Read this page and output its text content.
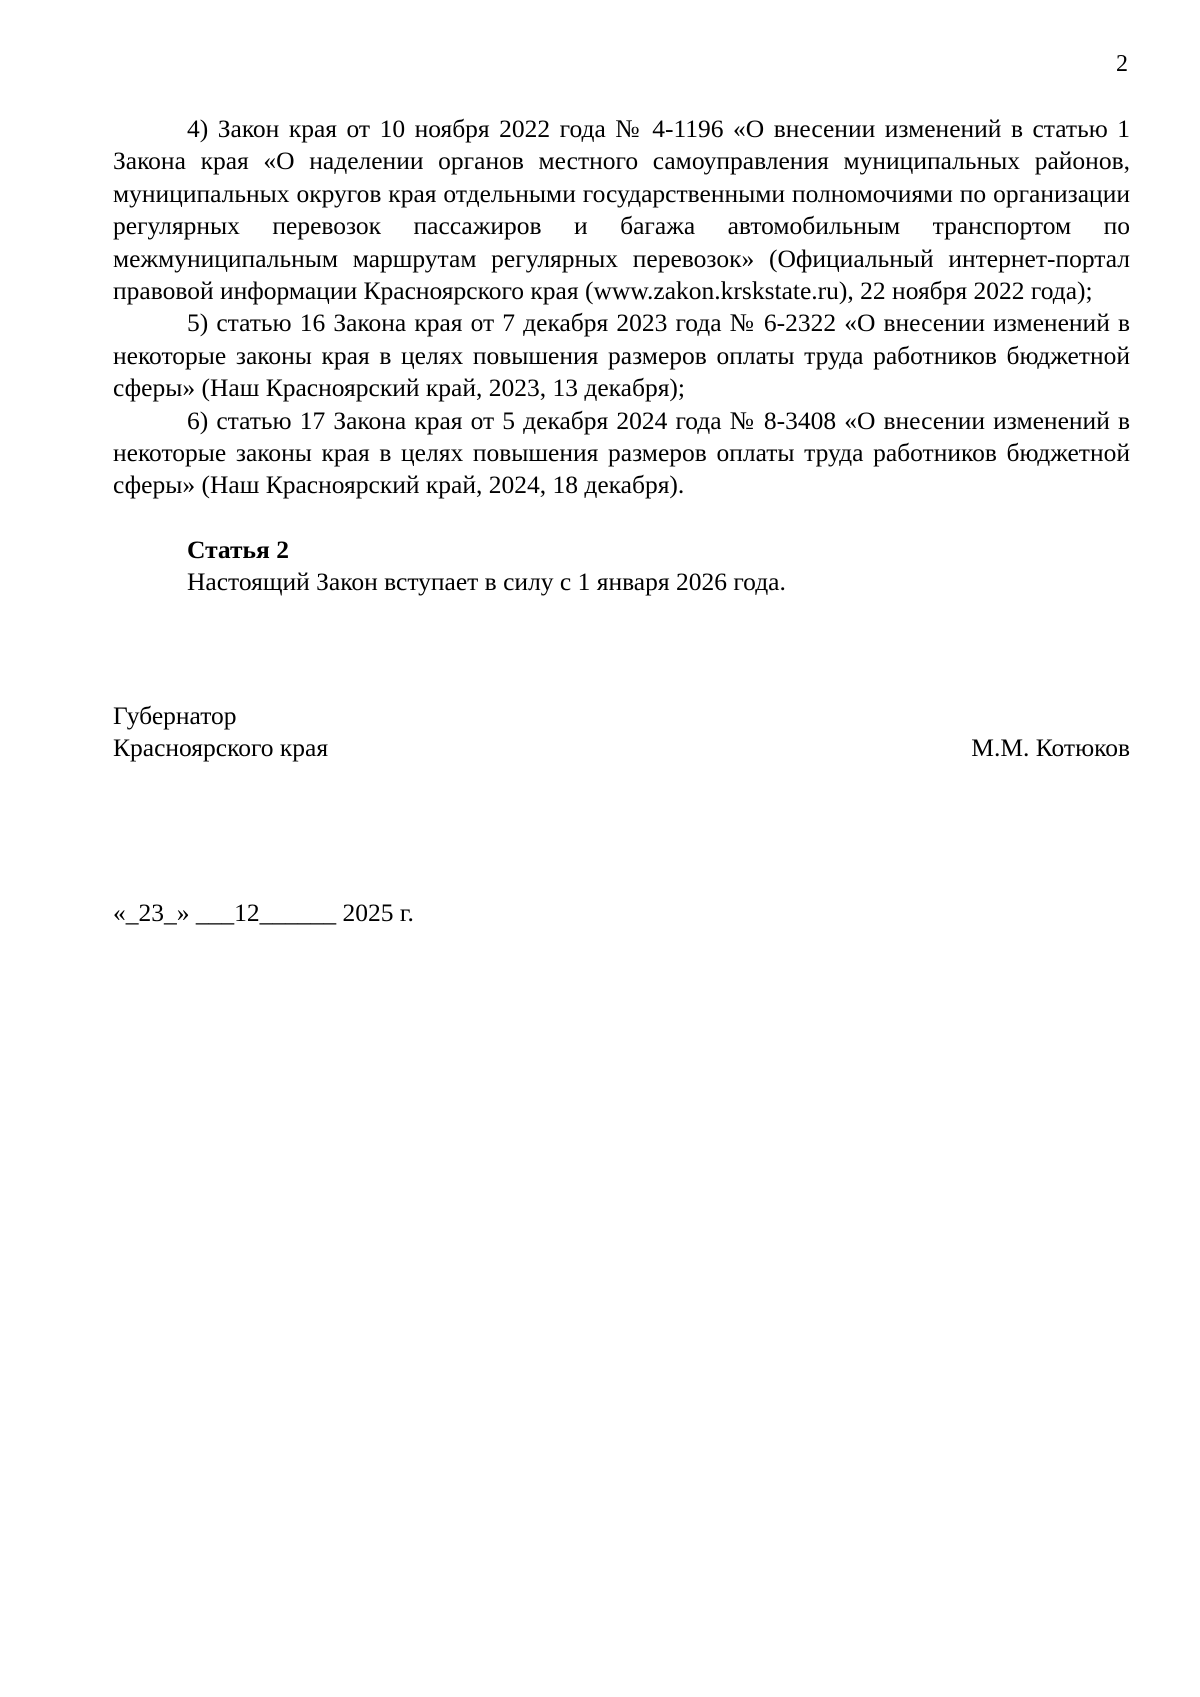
2

4) Закон края от 10 ноября 2022 года № 4-1196 «О внесении изменений в статью 1 Закона края «О наделении органов местного самоуправления муниципальных районов, муниципальных округов края отдельными государственными полномочиями по организации регулярных перевозок пассажиров и багажа автомобильным транспортом по межмуниципальным маршрутам регулярных перевозок» (Официальный интернет-портал правовой информации Красноярского края (www.zakon.krskstate.ru), 22 ноября 2022 года);

5) статью 16 Закона края от 7 декабря 2023 года № 6-2322 «О внесении изменений в некоторые законы края в целях повышения размеров оплаты труда работников бюджетной сферы» (Наш Красноярский край, 2023, 13 декабря);

6) статью 17 Закона края от 5 декабря 2024 года № 8-3408 «О внесении изменений в некоторые законы края в целях повышения размеров оплаты труда работников бюджетной сферы» (Наш Красноярский край, 2024, 18 декабря).

Статья 2

Настоящий Закон вступает в силу с 1 января 2026 года.

Губернатор
Красноярского края	М.М. Котюков
«_23_» ___12______ 2025 г.
